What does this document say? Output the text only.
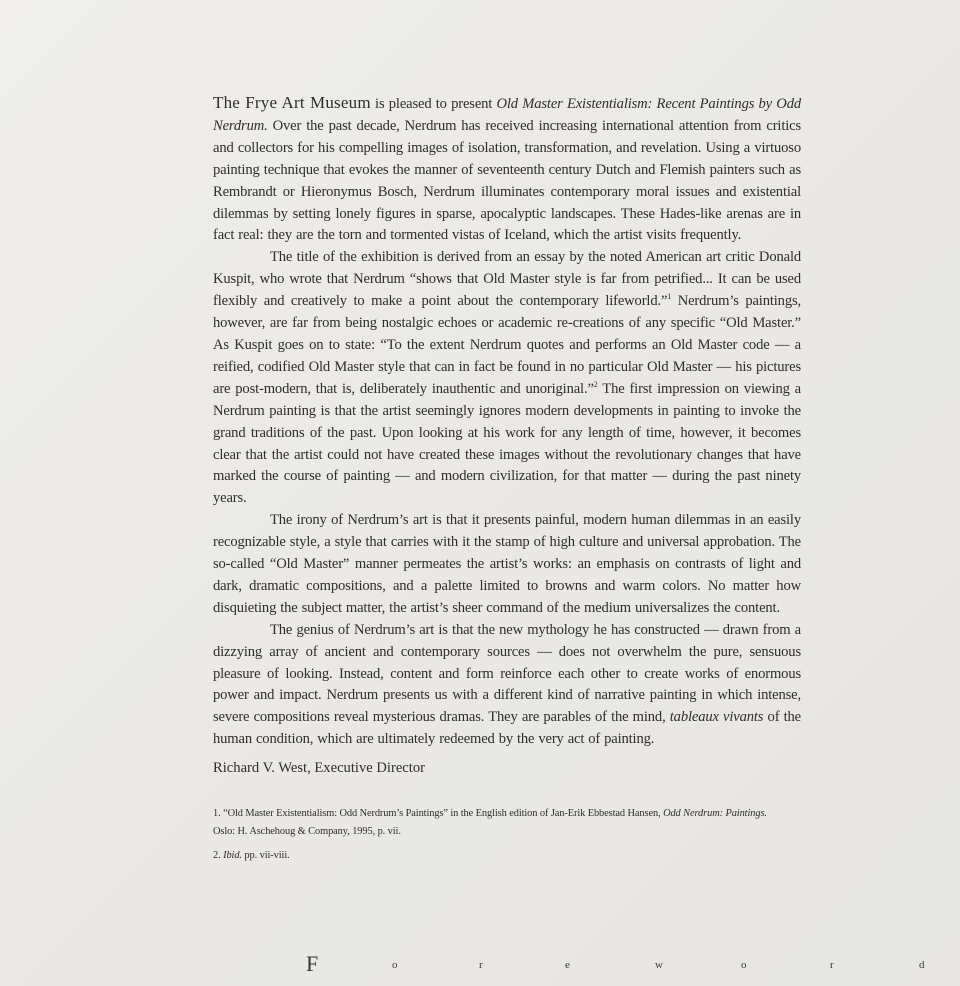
The Frye Art Museum is pleased to present Old Master Existentialism: Recent Paintings by Odd Nerdrum. Over the past decade, Nerdrum has received increasing international attention from critics and collectors for his compelling images of isolation, transformation, and revelation. Using a virtuoso painting technique that evokes the manner of seventeenth century Dutch and Flemish painters such as Rembrandt or Hieronymus Bosch, Nerdrum illuminates contemporary moral issues and existential dilemmas by setting lonely figures in sparse, apocalyptic landscapes. These Hades-like arenas are in fact real: they are the torn and tormented vistas of Iceland, which the artist visits frequently.

The title of the exhibition is derived from an essay by the noted American art critic Donald Kuspit, who wrote that Nerdrum “shows that Old Master style is far from petrified... It can be used flexibly and creatively to make a point about the contemporary lifeworld.”$^1$ Nerdrum’s paintings, however, are far from being nostalgic echoes or academic re-creations of any specific “Old Master.” As Kuspit goes on to state: “To the extent Nerdrum quotes and performs an Old Master code — a reified, codified Old Master style that can in fact be found in no particular Old Master — his pictures are post-modern, that is, deliberately inauthentic and unoriginal.”$^2$ The first impression on viewing a Nerdrum painting is that the artist seemingly ignores modern developments in painting to invoke the grand traditions of the past. Upon looking at his work for any length of time, however, it becomes clear that the artist could not have created these images without the revolutionary changes that have marked the course of painting — and modern civilization, for that matter — during the past ninety years.

The irony of Nerdrum’s art is that it presents painful, modern human dilemmas in an easily recognizable style, a style that carries with it the stamp of high culture and universal approbation. The so-called “Old Master” manner permeates the artist’s works: an emphasis on contrasts of light and dark, dramatic compositions, and a palette limited to browns and warm colors. No matter how disquieting the subject matter, the artist’s sheer command of the medium universalizes the content.

The genius of Nerdrum’s art is that the new mythology he has constructed — drawn from a dizzying array of ancient and contemporary sources — does not overwhelm the pure, sensuous pleasure of looking. Instead, content and form reinforce each other to create works of enormous power and impact. Nerdrum presents us with a different kind of narrative painting in which intense, severe compositions reveal mysterious dramas. They are parables of the mind, tableaux vivants of the human condition, which are ultimately redeemed by the very act of painting.

Richard V. West, Executive Director
1. “Old Master Existentialism: Odd Nerdrum’s Paintings” in the English edition of Jan-Erik Ebbestad Hansen, Odd Nerdrum: Paintings.
Oslo: H. Aschehoug & Company, 1995, p. vii.
2. Ibid. pp. vii-viii.
F	o	r	e	w	o	r	d
